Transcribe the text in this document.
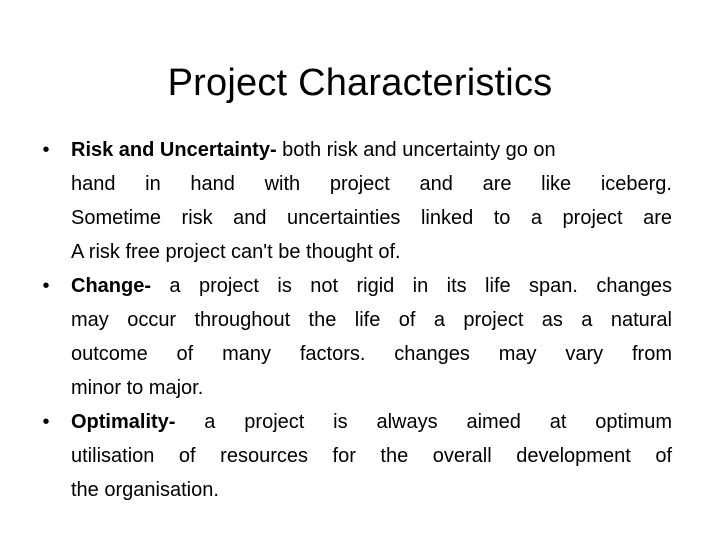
Project Characteristics
•	Risk and Uncertainty- both risk and uncertainty go on
hand in hand with project and are like iceberg.
Sometime risk and uncertainties linked to a project are
A risk free project can't be thought of.
•	Change- a project is not rigid in its life span. changes
may occur throughout the life of a project as a natural
outcome of many factors. changes may vary from
minor to major.
•	Optimality- a project is always aimed at optimum
utilisation of resources for the overall development of
the organisation.
